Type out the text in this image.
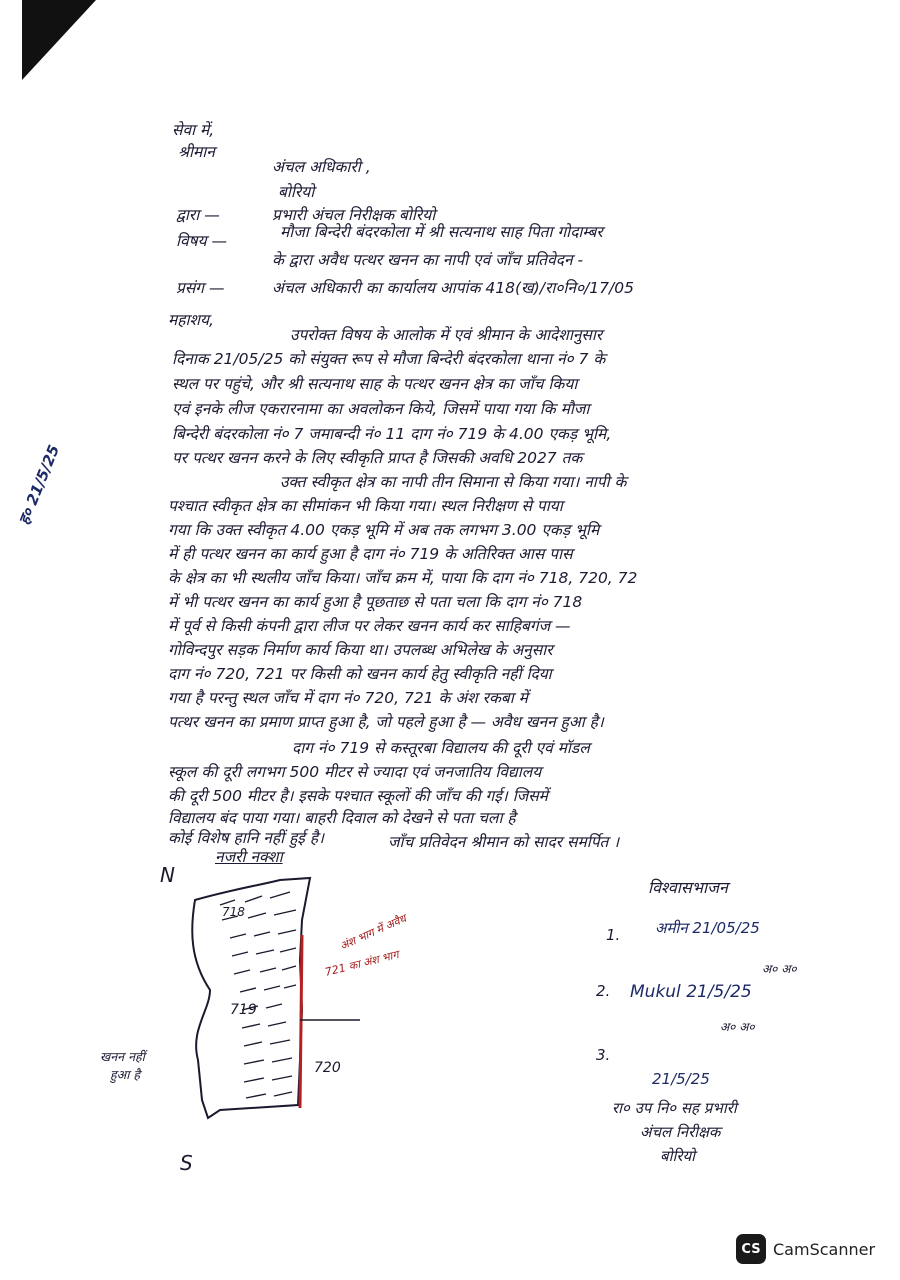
सेवा में,
श्रीमान
अंचल अधिकारी ,
बोरियो
द्वारा —	प्रभारी अंचल निरीक्षक बोरियो
विषय —	मौजा बिन्देरी बंदरकोला में श्री सत्यनाथ साह पिता गोदाम्बर
के द्वारा अवैध पत्थर खनन का नापी एवं जाँच प्रतिवेदन -
प्रसंग —	अंचल अधिकारी का कार्यालय आपांक 418(ख)/रा०नि०/17/05
महाशय,
उपरोक्त विषय के आलोक में एवं श्रीमान के आदेशानुसार
दिनाक 21/05/25 को संयुक्त रूप से मौजा बिन्देरी बंदरकोला थाना नं० 7 के
स्थल पर पहुंचे, और श्री सत्यनाथ साह के पत्थर खनन क्षेत्र का जाँच किया
एवं इनके लीज एकरारनामा का अवलोकन किये, जिसमें पाया गया कि मौजा
बिन्देरी बंदरकोला नं० 7 जमाबन्दी नं० 11 दाग नं० 719 के 4.00 एकड़ भूमि,
पर पत्थर खनन करने के लिए स्वीकृति प्राप्त है जिसकी अवधि 2027 तक
उक्त स्वीकृत क्षेत्र का नापी तीन सिमाना से किया गया। नापी के
पश्चात स्वीकृत क्षेत्र का सीमांकन भी किया गया। स्थल निरीक्षण से पाया
गया कि उक्त स्वीकृत 4.00 एकड़ भूमि में अब तक लगभग 3.00 एकड़ भूमि
में ही पत्थर खनन का कार्य हुआ है दाग नं० 719 के अतिरिक्त आस पास
के क्षेत्र का भी स्थलीय जाँच किया। जाँच क्रम में, पाया कि दाग नं० 718, 720, 72
में भी पत्थर खनन का कार्य हुआ है पूछताछ से पता चला कि दाग नं० 718
में पूर्व से किसी कंपनी द्वारा लीज पर लेकर खनन कार्य कर साहिबगंज —
गोविन्दपुर सड़क निर्माण कार्य किया था। उपलब्ध अभिलेख के अनुसार
दाग नं० 720, 721 पर किसी को खनन कार्य हेतु स्वीकृति नहीं दिया
गया है परन्तु स्थल जाँच में दाग नं० 720, 721 के अंश रकबा में
पत्थर खनन का प्रमाण प्राप्त हुआ है, जो पहले हुआ है — अवैध खनन हुआ है।
दाग नं० 719 से कस्तूरबा विद्यालय की दूरी एवं मॉडल
स्कूल की दूरी लगभग 500 मीटर से ज्यादा एवं जनजातिय विद्यालय
की दूरी 500 मीटर है। इसके पश्चात स्कूलों की जाँच की गई। जिसमें
विद्यालय बंद पाया गया। बाहरी दिवाल को देखने से पता चला है
कोई विशेष हानि नहीं हुई है।
नजरी नक्शा
जाँच प्रतिवेदन श्रीमान को सादर समर्पित ।
ह० 21/5/25
N
S
718
719
720
721 का अंश भाग
अंश भाग में अवैध
खनन नहीं
हुआ है
विश्वासभाजन
1. अमीन 21/05/25
2. Mukul 21/5/25
अ० अ०
अ० अ०
3.
21/5/25
रा० उप नि० सह प्रभारी
अंचल निरीक्षक
बोरियो
CS CamScanner
